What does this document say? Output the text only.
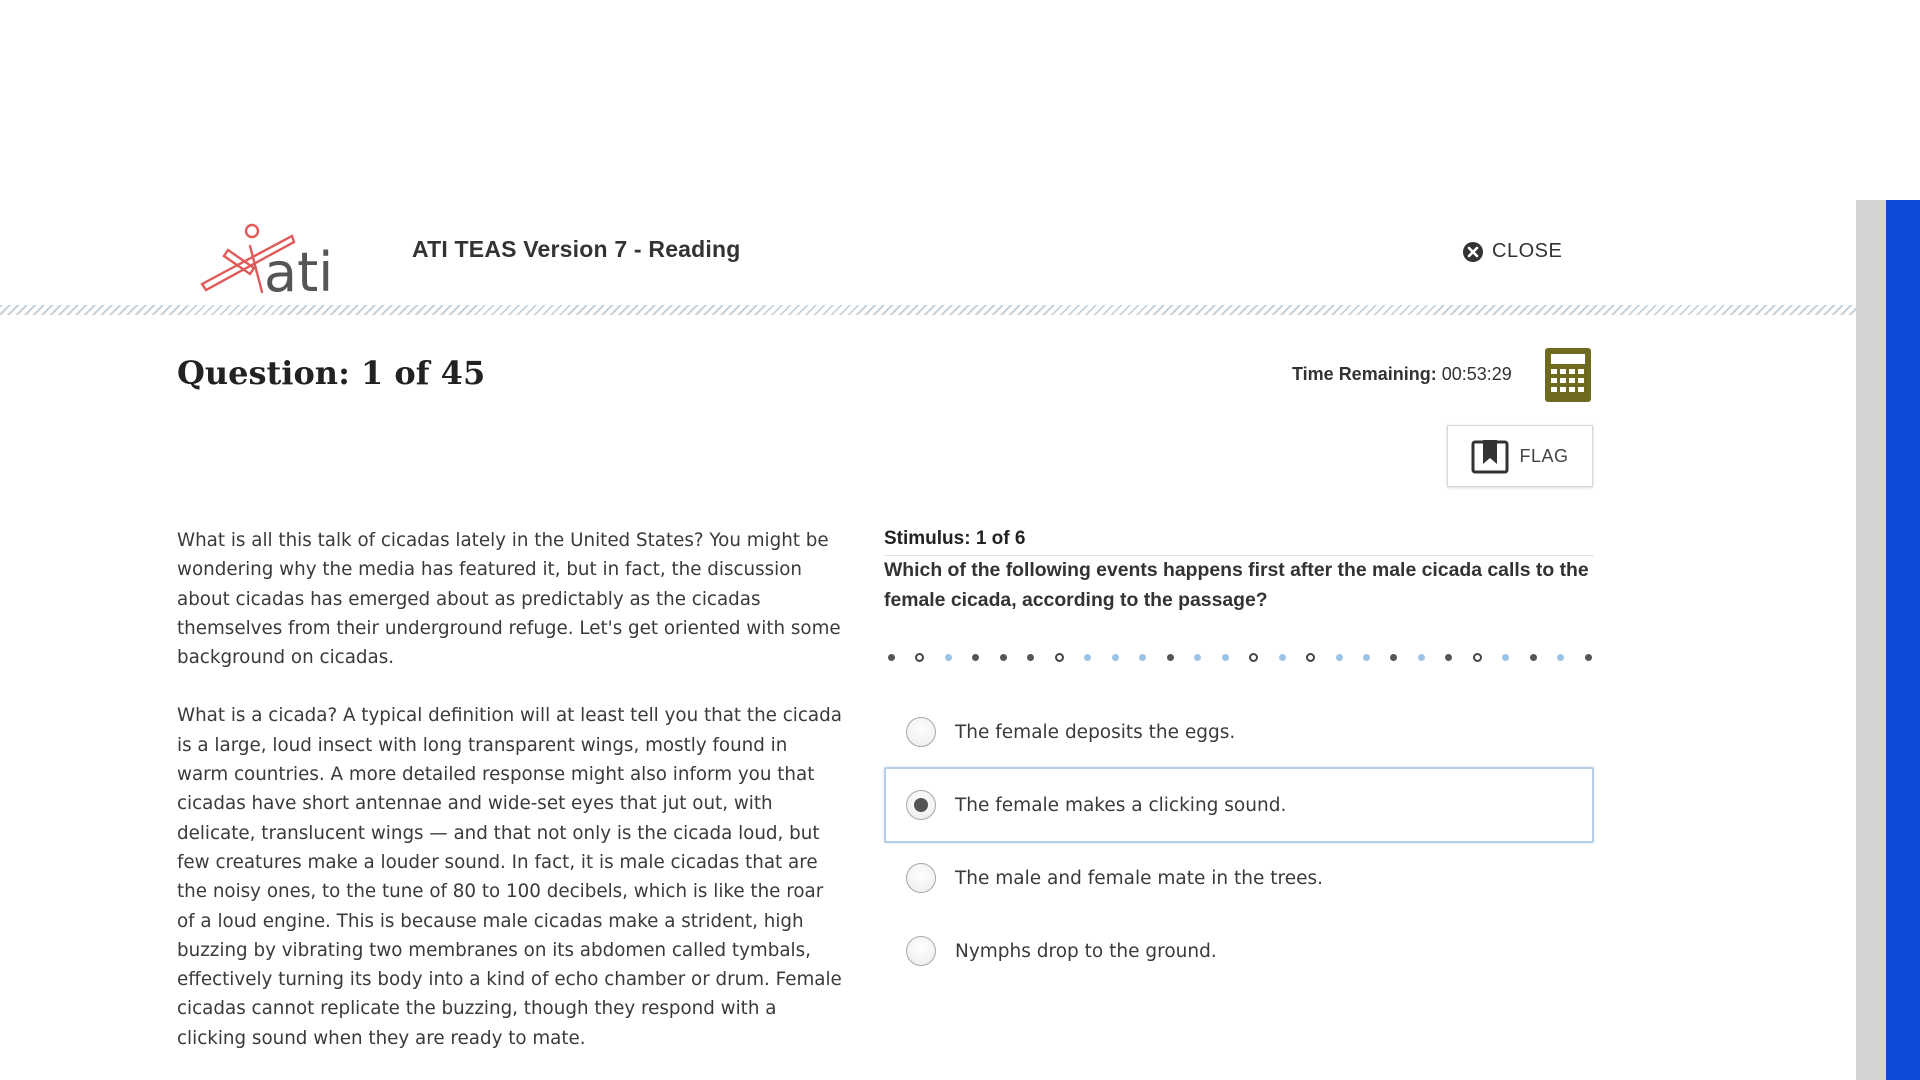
ati	ATI TEAS Version 7 - Reading	CLOSE
Question: 1 of 45	Time Remaining: 00:53:29
FLAG

What is all this talk of cicadas lately in the United States? You might be wondering why the media has featured it, but in fact, the discussion about cicadas has emerged about as predictably as the cicadas themselves from their underground refuge. Let's get oriented with some background on cicadas.

What is a cicada? A typical definition will at least tell you that the cicada is a large, loud insect with long transparent wings, mostly found in warm countries. A more detailed response might also inform you that cicadas have short antennae and wide-set eyes that jut out, with delicate, translucent wings — and that not only is the cicada loud, but few creatures make a louder sound. In fact, it is male cicadas that are the noisy ones, to the tune of 80 to 100 decibels, which is like the roar of a loud engine. This is because male cicadas make a strident, high buzzing by vibrating two membranes on its abdomen called tymbals, effectively turning its body into a kind of echo chamber or drum. Female cicadas cannot replicate the buzzing, though they respond with a clicking sound when they are ready to mate.

Stimulus: 1 of 6
Which of the following events happens first after the male cicada calls to the female cicada, according to the passage?
The female deposits the eggs.
The female makes a clicking sound.
The male and female mate in the trees.
Nymphs drop to the ground.
